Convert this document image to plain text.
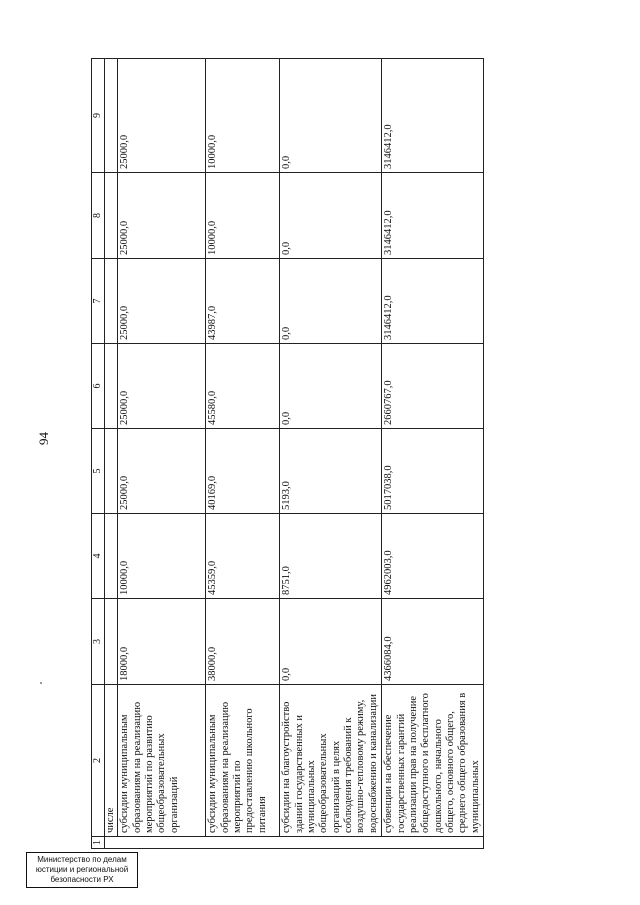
94
1	2	3	4	5	6	7	8	9
	числе							
	субсидии муниципальным образованиям на реализацию мероприятий по развитию общеобразовательных организаций	18000,0	10000,0	25000,0	25000,0	25000,0	25000,0	25000,0
	субсидии муниципальным образованиям на реализацию мероприятий по предоставлению школьного питания	38000,0	45359,0	40169,0	45580,0	43987,0	10000,0	10000,0
	субсидии на благоустройство зданий государственных и муниципальных общеобразовательных организаций в целях соблюдения требований к воздушно-тепловому режиму, водоснабжению и канализации	0,0	8751,0	5193,0	0,0	0,0	0,0	0,0
	субвенции на обеспечение государственных гарантий реализации прав на получение общедоступного и бесплатного дошкольного, начального общего, основного общего, среднего общего образования в муниципальных	4366084,0	4962003,0	5017038,0	2660767,0	3146412,0	3146412,0	3146412,0
Министерство по делам
юстиции и региональной
безопасности РХ
